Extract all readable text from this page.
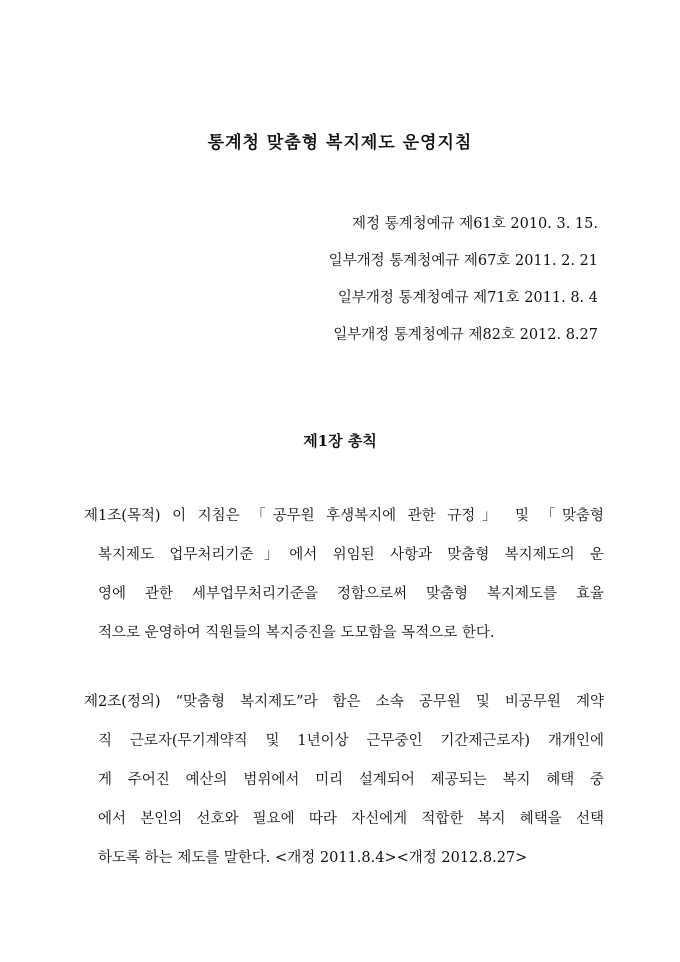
통계청 맞춤형 복지제도 운영지침
제정 통계청예규 제61호 2010. 3. 15.
일부개정 통계청예규 제67호 2011. 2. 21
일부개정 통계청예규 제71호 2011. 8. 4
일부개정 통계청예규 제82호 2012. 8.27
제1장 총칙
제1조(목적) 이 지침은 「공무원 후생복지에 관한 규정」 및 「맞춤형
복지제도 업무처리기준」에서 위임된 사항과 맞춤형 복지제도의 운
영에 관한 세부업무처리기준을 정함으로써 맞춤형 복지제도를 효율
적으로 운영하여 직원들의 복지증진을 도모함을 목적으로 한다.
제2조(정의) “맞춤형 복지제도”라 함은 소속 공무원 및 비공무원 계약
직 근로자(무기계약직 및 1년이상 근무중인 기간제근로자) 개개인에
게 주어진 예산의 범위에서 미리 설계되어 제공되는 복지 혜택 중
에서 본인의 선호와 필요에 따라 자신에게 적합한 복지 혜택을 선택
하도록 하는 제도를 말한다. <개정 2011.8.4><개정 2012.8.27>
